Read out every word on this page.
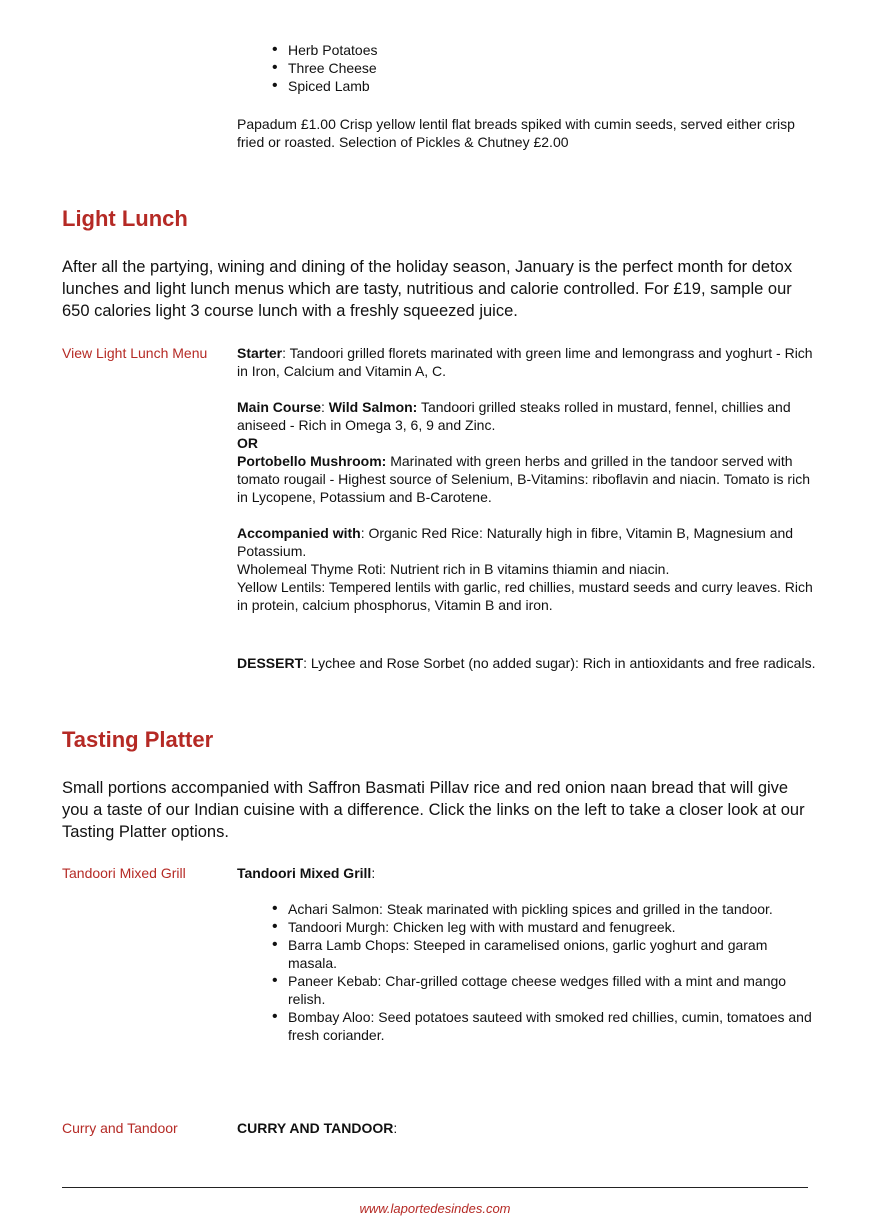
• Herb Potatoes
• Three Cheese
• Spiced Lamb

Papadum £1.00 Crisp yellow lentil flat breads spiked with cumin seeds, served either crisp fried or roasted. Selection of Pickles & Chutney £2.00

Light Lunch

After all the partying, wining and dining of the holiday season, January is the perfect month for detox lunches and light lunch menus which are tasty, nutritious and calorie controlled. For £19, sample our 650 calories light 3 course lunch with a freshly squeezed juice.

View Light Lunch Menu Starter: Tandoori grilled florets marinated with green lime and lemongrass and yoghurt - Rich in Iron, Calcium and Vitamin A, C.

Main Course: Wild Salmon: Tandoori grilled steaks rolled in mustard, fennel, chillies and aniseed - Rich in Omega 3, 6, 9 and Zinc.

OR

Portobello Mushroom: Marinated with green herbs and grilled in the tandoor served with tomato rougail - Highest source of Selenium, B-Vitamins: riboflavin and niacin. Tomato is rich in Lycopene, Potassium and B-Carotene.

Accompanied with: Organic Red Rice: Naturally high in fibre, Vitamin B, Magnesium and Potassium.

Wholemeal Thyme Roti: Nutrient rich in B vitamins thiamin and niacin.

Yellow Lentils: Tempered lentils with garlic, red chillies, mustard seeds and curry leaves. Rich in protein, calcium phosphorus, Vitamin B and iron.

DESSERT: Lychee and Rose Sorbet (no added sugar): Rich in antioxidants and free radicals.

Tasting Platter

Small portions accompanied with Saffron Basmati Pillav rice and red onion naan bread that will give you a taste of our Indian cuisine with a difference. Click the links on the left to take a closer look at our Tasting Platter options.

Tandoori Mixed Grill	Tandoori Mixed Grill:

• Achari Salmon: Steak marinated with pickling spices and grilled in the tandoor.
• Tandoori Murgh: Chicken leg with with mustard and fenugreek.
• Barra Lamb Chops: Steeped in caramelised onions, garlic yoghurt and garam masala.
• Paneer Kebab: Char-grilled cottage cheese wedges filled with a mint and mango relish.
• Bombay Aloo: Seed potatoes sauteed with smoked red chillies, cumin, tomatoes and fresh coriander.
Curry and Tandoor	CURRY AND TANDOOR:

www.laportedesindes.com
